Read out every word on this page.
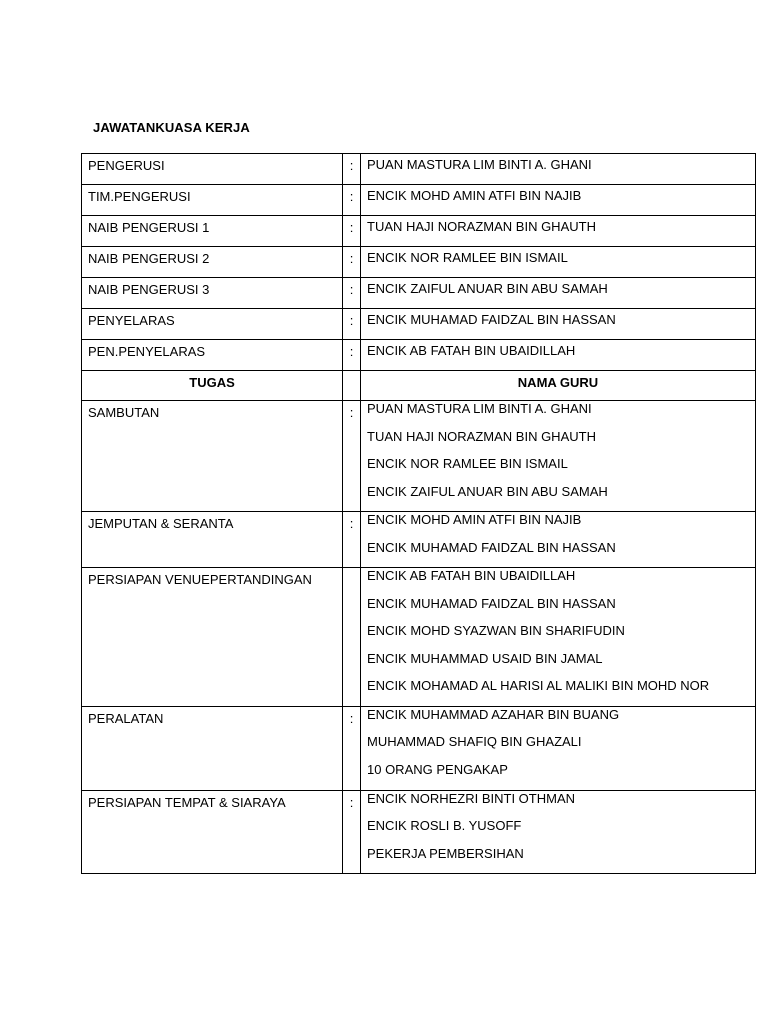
JAWATANKUASA KERJA
PENGERUSI	:	PUAN MASTURA LIM BINTI A. GHANI

TIM.PENGERUSI	:	ENCIK MOHD AMIN ATFI BIN NAJIB

NAIB PENGERUSI 1	:	TUAN HAJI NORAZMAN BIN GHAUTH

NAIB PENGERUSI 2	:	ENCIK NOR RAMLEE BIN ISMAIL

NAIB PENGERUSI 3	:	ENCIK ZAIFUL ANUAR BIN ABU SAMAH

PENYELARAS	:	ENCIK MUHAMAD FAIDZAL BIN HASSAN

PEN.PENYELARAS	:	ENCIK AB FATAH BIN UBAIDILLAH

TUGAS		NAMA GURU

SAMBUTAN	:	PUAN MASTURA LIM BINTI A. GHANI
TUAN HAJI NORAZMAN BIN GHAUTH
ENCIK NOR RAMLEE BIN ISMAIL
ENCIK ZAIFUL ANUAR BIN ABU SAMAH

JEMPUTAN & SERANTA	:	ENCIK MOHD AMIN ATFI BIN NAJIB
ENCIK MUHAMAD FAIDZAL BIN HASSAN

PERSIAPAN VENUEPERTANDINGAN		ENCIK AB FATAH BIN UBAIDILLAH
ENCIK MUHAMAD FAIDZAL BIN HASSAN
ENCIK MOHD SYAZWAN BIN SHARIFUDIN
ENCIK MUHAMMAD USAID BIN JAMAL
ENCIK MOHAMAD AL HARISI AL MALIKI BIN MOHD NOR

PERALATAN	:	ENCIK MUHAMMAD AZAHAR BIN BUANG
MUHAMMAD SHAFIQ BIN GHAZALI
10 ORANG PENGAKAP

PERSIAPAN TEMPAT & SIARAYA	:	ENCIK NORHEZRI BINTI OTHMAN
ENCIK ROSLI B. YUSOFF
PEKERJA PEMBERSIHAN
